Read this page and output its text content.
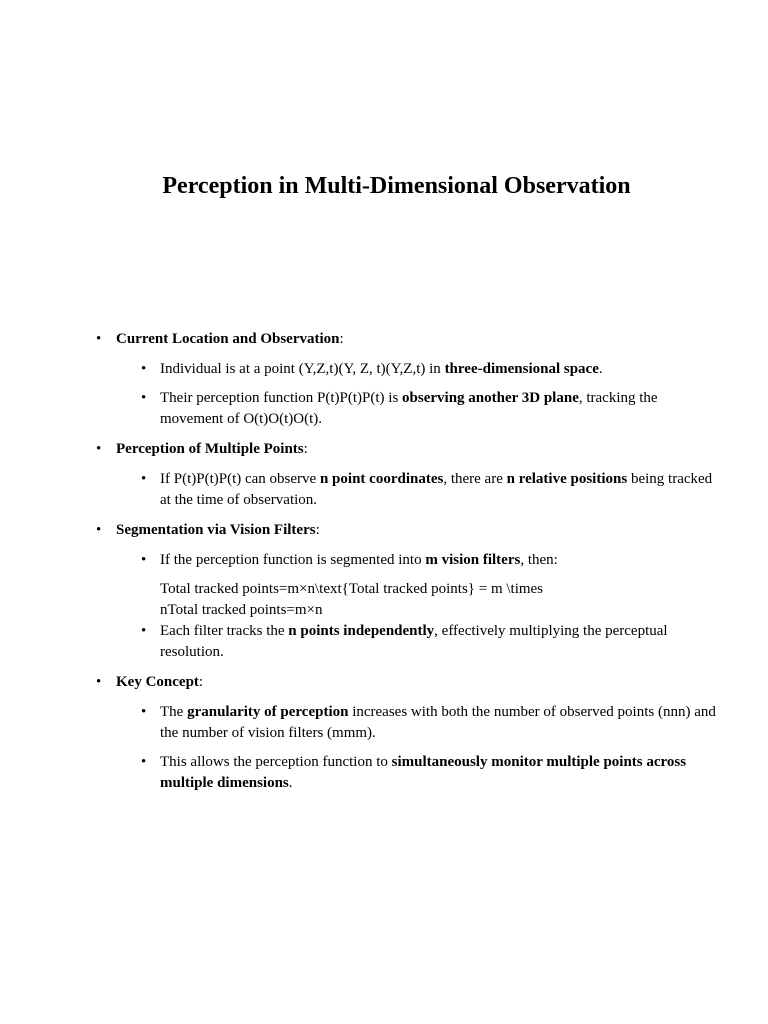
Perception in Multi-Dimensional Observation
• Current Location and Observation:
• Individual is at a point (Y,Z,t)(Y, Z, t)(Y,Z,t) in three-dimensional space.
• Their perception function P(t)P(t)P(t) is observing another 3D plane, tracking the movement of O(t)O(t)O(t).
• Perception of Multiple Points:
• If P(t)P(t)P(t) can observe n point coordinates, there are n relative positions being tracked at the time of observation.
• Segmentation via Vision Filters:
• If the perception function is segmented into m vision filters, then:
Total tracked points=m×n\text{Total tracked points} = m \times
nTotal tracked points=m×n
• Each filter tracks the n points independently, effectively multiplying the perceptual resolution.
• Key Concept:
• The granularity of perception increases with both the number of observed points (nnn) and the number of vision filters (mmm).
• This allows the perception function to simultaneously monitor multiple points across multiple dimensions.
